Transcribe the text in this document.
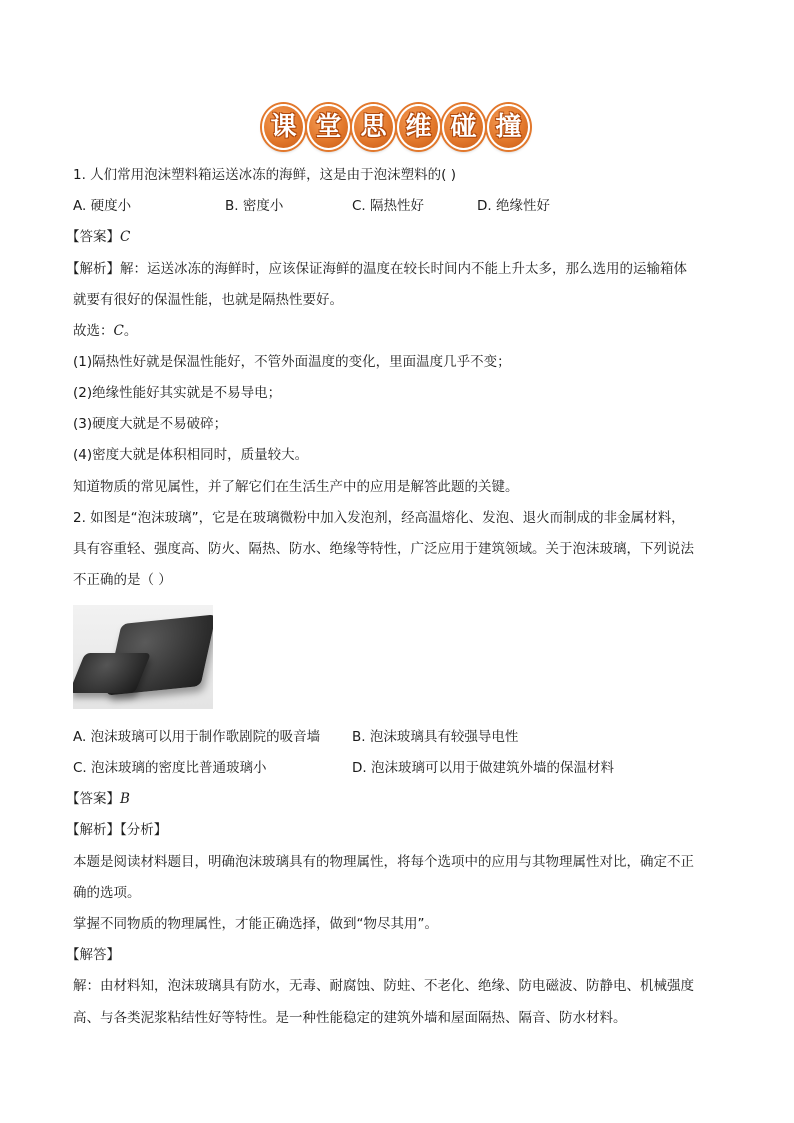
课 堂 思 维 碰 撞
1. 人们常用泡沫塑料箱运送冰冻的海鲜，这是由于泡沫塑料的( )
A. 硬度小	B. 密度小	C. 隔热性好	D. 绝缘性好
【答案】C
【解析】解：运送冰冻的海鲜时，应该保证海鲜的温度在较长时间内不能上升太多，那么选用的运输箱体
就要有很好的保温性能，也就是隔热性要好。
故选：C。
(1)隔热性好就是保温性能好，不管外面温度的变化，里面温度几乎不变；
(2)绝缘性能好其实就是不易导电；
(3)硬度大就是不易破碎；
(4)密度大就是体积相同时，质量较大。
知道物质的常见属性，并了解它们在生活生产中的应用是解答此题的关键。
2. 如图是“泡沫玻璃”，它是在玻璃微粉中加入发泡剂，经高温熔化、发泡、退火而制成的非金属材料，
具有容重轻、强度高、防火、隔热、防水、绝缘等特性，广泛应用于建筑领域。关于泡沫玻璃，下列说法
不正确的是（ ）
A. 泡沫玻璃可以用于制作歌剧院的吸音墙 B. 泡沫玻璃具有较强导电性
C. 泡沫玻璃的密度比普通玻璃小	D. 泡沫玻璃可以用于做建筑外墙的保温材料
【答案】B
【解析】【分析】
本题是阅读材料题目，明确泡沫玻璃具有的物理属性，将每个选项中的应用与其物理属性对比，确定不正
确的选项。
掌握不同物质的物理属性，才能正确选择，做到“物尽其用”。
【解答】
解：由材料知，泡沫玻璃具有防水，无毒、耐腐蚀、防蛀、不老化、绝缘、防电磁波、防静电、机械强度
高、与各类泥浆粘结性好等特性。是一种性能稳定的建筑外墙和屋面隔热、隔音、防水材料。
